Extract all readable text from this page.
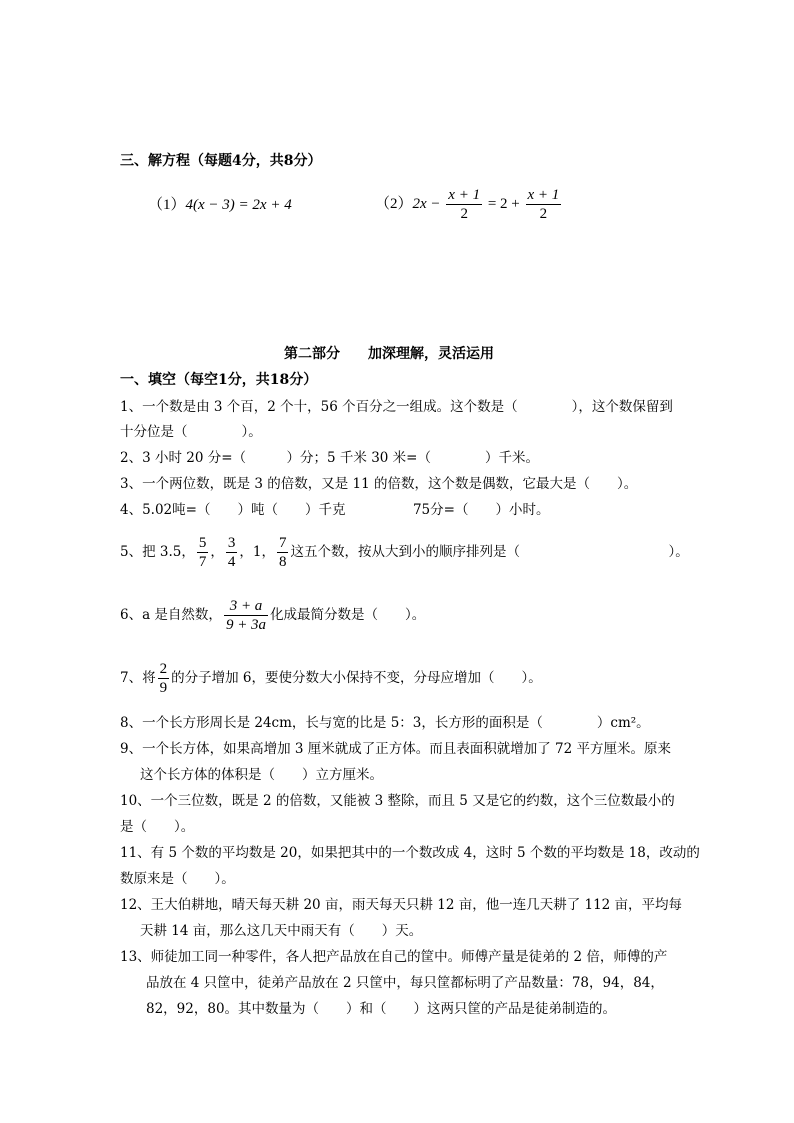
三、解方程（每题4分，共8分）
（1）4(x − 3) = 2x + 4	$(2)2x - \frac{x + 1}{2} = 2 + \frac{x + 1}{2}$
第二部分　　加深理解，灵活运用
一、填空（每空1分，共18分）
1、一个数是由 3 个百，2 个十，56 个百分之一组成。这个数是（　　　　），这个数保留到
十分位是（　　　　）。
2、3 小时 20 分=（　　　）分；5 千米 30 米=（　　　　）千米。
3、一个两位数，既是 3 的倍数，又是 11 的倍数，这个数是偶数，它最大是（　　）。
4、5.02吨=（　　）吨（　　）千克　　　　　75分=（　　）小时。
5、把 3.5， $\frac{5}{7}$ ， $\frac{3}{4}$ ，1， $\frac{7}{8}$ 这五个数，按从大到小的顺序排列是（　　　　　　　　　　　）。
6、a 是自然数， $\frac{3 + a}{9 + 3a}$ 化成最简分数是（　　）。
7、将 $\frac{2}{9}$ 的分子增加 6，要使分数大小保持不变，分母应增加（　　）。
8、一个长方形周长是 24cm，长与宽的比是 5：3，长方形的面积是（　　　　）cm²。
9、一个长方体，如果高增加 3 厘米就成了正方体。而且表面积就增加了 72 平方厘米。原来
这个长方体的体积是（　　）立方厘米。
10、一个三位数，既是 2 的倍数，又能被 3 整除，而且 5 又是它的约数，这个三位数最小的
是（　　）。
11、有 5 个数的平均数是 20，如果把其中的一个数改成 4，这时 5 个数的平均数是 18，改动的
数原来是（　　）。
12、王大伯耕地，晴天每天耕 20 亩，雨天每天只耕 12 亩，他一连几天耕了 112 亩，平均每
天耕 14 亩，那么这几天中雨天有（　　）天。
13、师徒加工同一种零件，各人把产品放在自己的筐中。师傅产量是徒弟的 2 倍，师傅的产
品放在 4 只筐中，徒弟产品放在 2 只筐中，每只筐都标明了产品数量：78，94，84，
82，92，80。其中数量为（　　）和（　　）这两只筐的产品是徒弟制造的。
